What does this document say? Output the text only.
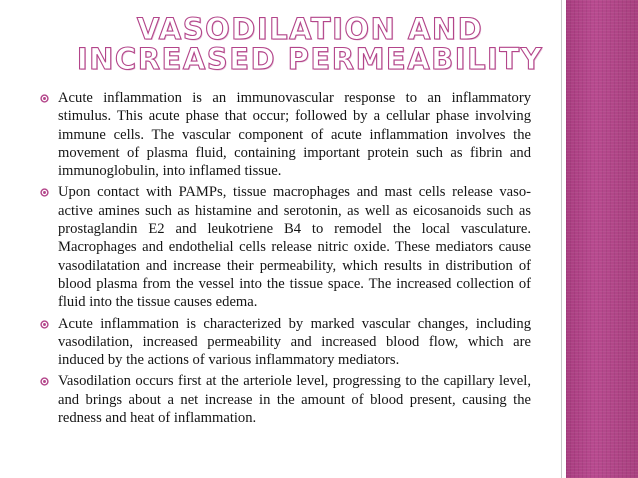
VASODILATION AND INCREASED PERMEABILITY
Acute inflammation is an immunovascular response to an inflammatory stimulus. This acute phase that occur; followed by a cellular phase involving immune cells. The vascular component of acute inflammation involves the movement of plasma fluid, containing important protein such as fibrin and immunoglobulin, into inflamed tissue.
Upon contact with PAMPs, tissue macrophages and mast cells release vaso-active amines such as histamine and serotonin, as well as eicosanoids such as prostaglandin E2 and leukotriene B4 to remodel the local vasculature. Macrophages and endothelial cells release nitric oxide. These mediators cause vasodilatation and increase their permeability, which results in distribution of blood plasma from the vessel into the tissue space. The increased collection of fluid into the tissue causes edema.
Acute inflammation is characterized by marked vascular changes, including vasodilation, increased permeability and increased blood flow, which are induced by the actions of various inflammatory mediators.
Vasodilation occurs first at the arteriole level, progressing to the capillary level, and brings about a net increase in the amount of blood present, causing the redness and heat of inflammation.
